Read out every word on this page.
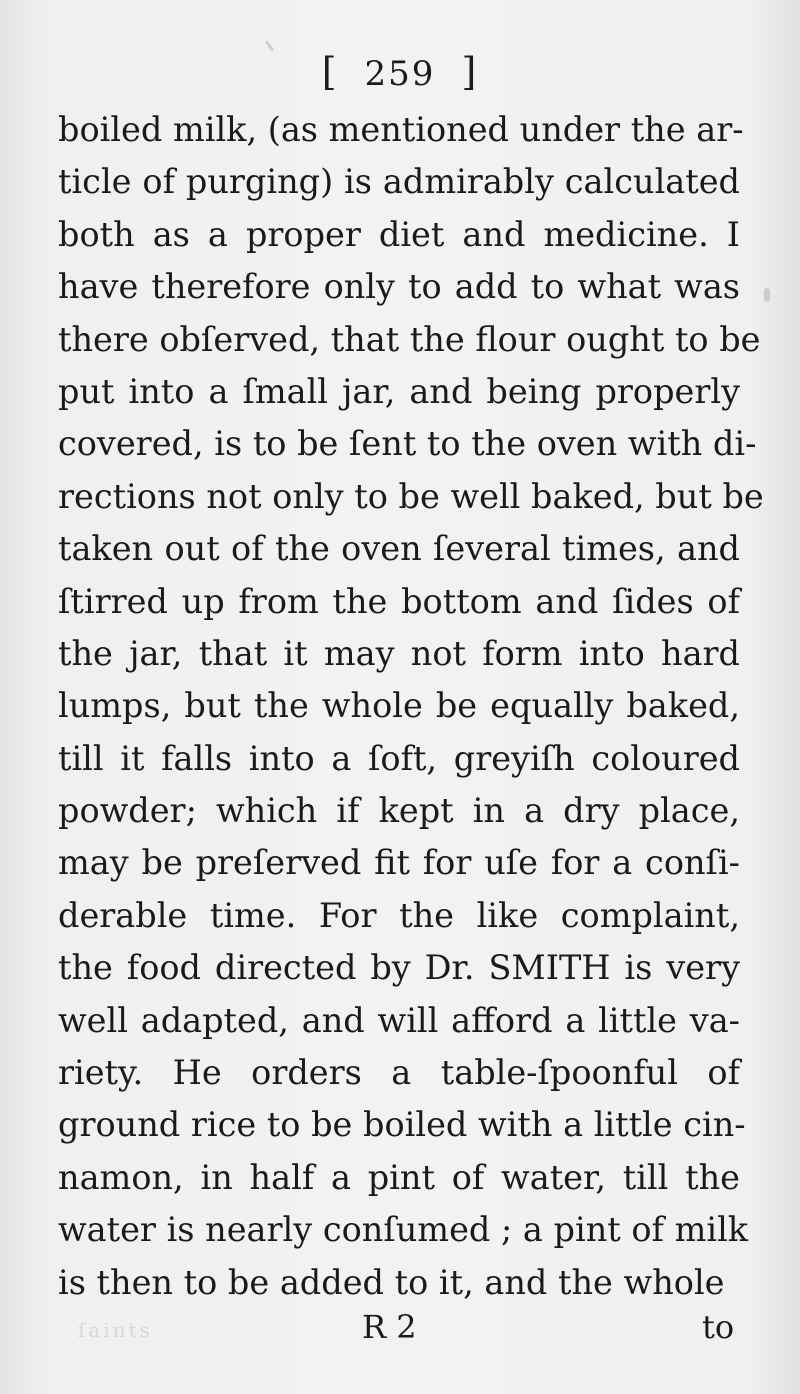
[ 259 ]
boiled milk, (as mentioned under the ar-
ticle of purging) is admirably calculated
both as a proper diet and medicine. I
have therefore only to add to what was
there obſerved, that the flour ought to be
put into a ſmall jar, and being properly
covered, is to be ſent to the oven with di-
rections not only to be well baked, but be
taken out of the oven ſeveral times, and
ſtirred up from the bottom and ſides of
the jar, that it may not form into hard
lumps, but the whole be equally baked,
till it falls into a ſoft, greyiſh coloured
powder; which if kept in a dry place,
may be preſerved fit for uſe for a conſi-
derable time. For the like complaint,
the food directed by Dr. SMITH is very
well adapted, and will afford a little va-
riety. He orders a table-ſpoonful of
ground rice to be boiled with a little cin-
namon, in half a pint of water, till the
water is nearly conſumed ; a pint of milk
is then to be added to it, and the whole
ſaints	R 2	to
